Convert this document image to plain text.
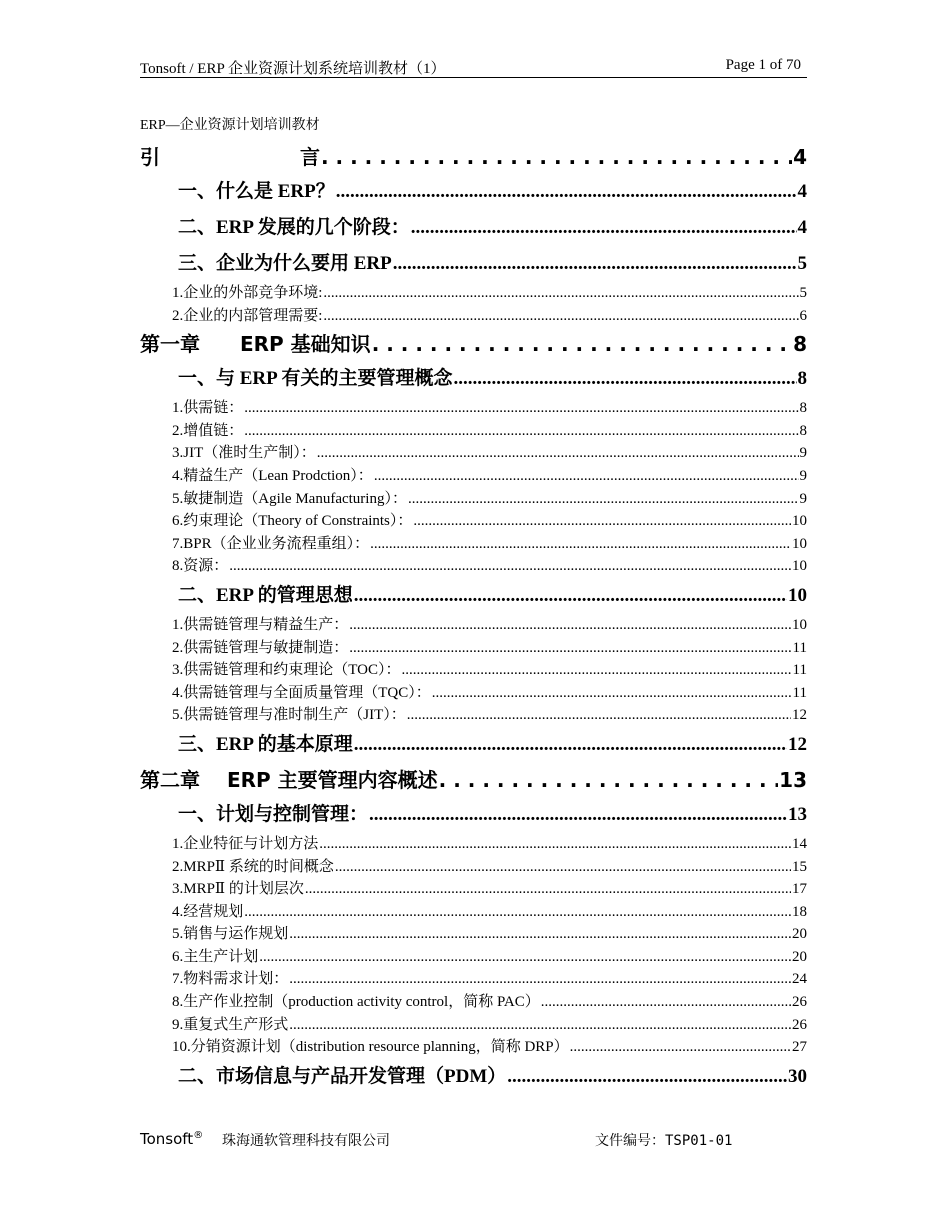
Tonsoft / ERP 企业资源计划系统培训教材（1）	Page 1 of 70
ERP—企业资源计划培训教材
引　　　　　　　言 . . .	4
一、什么是 ERP？ .....	4
二、ERP 发展的几个阶段： .....	4
三、企业为什么要用 ERP .....	5
1.企业的外部竞争环境: .....	5
2.企业的内部管理需要: .....	6
第一章　　ERP 基础知识 . . .	8
一、与 ERP 有关的主要管理概念 .....	8
1.供需链： .....	8
2.增值链： .....	8
3.JIT（准时生产制）： .....	9
4.精益生产（Lean Prodction）： .....	9
5.敏捷制造（Agile Manufacturing）： .....	9
6.约束理论（Theory of Constraints）： .....	10
7.BPR（企业业务流程重组）： .....	10
8.资源： .....	10
二、ERP 的管理思想 .....	10
1.供需链管理与精益生产： .....	10
2.供需链管理与敏捷制造： .....	11
3.供需链管理和约束理论（TOC）： .....	11
4.供需链管理与全面质量管理（TQC）： .....	11
5.供需链管理与准时制生产（JIT）： .....	12
三、ERP 的基本原理 .....	12
第二章　 ERP 主要管理内容概述 . . .	13
一、计划与控制管理： .....	13
1.企业特征与计划方法 .....	14
2.MRPⅡ 系统的时间概念 .....	15
3.MRPⅡ 的计划层次 .....	17
4.经营规划 .....	18
5.销售与运作规划 .....	20
6.主生产计划 .....	20
7.物料需求计划： .....	24
8.生产作业控制（production activity control，简称 PAC） .....	26
9.重复式生产形式 .....	26
10.分销资源计划（distribution resource planning，简称 DRP） .....	27
二、市场信息与产品开发管理（PDM） .....	30
Tonsoft® 珠海通软管理科技有限公司	文件编号：TSP01-01
